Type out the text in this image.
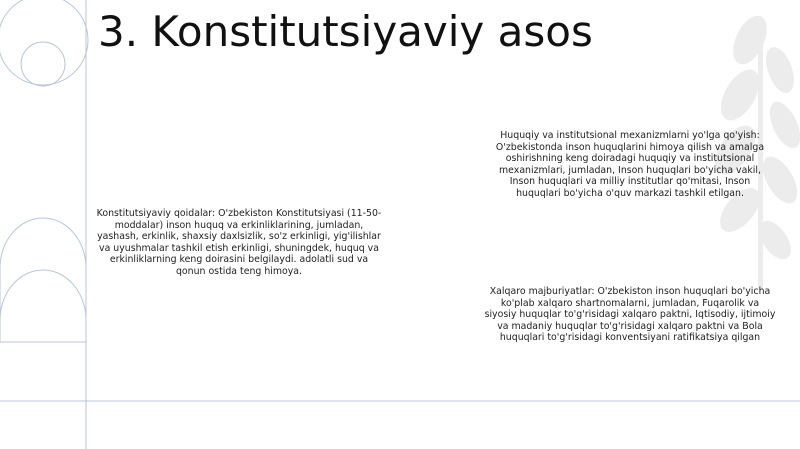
3. Konstitutsiyaviy asos

Konstitutsiyaviy qoidalar: O'zbekiston Konstitutsiyasi (11-50-moddalar) inson huquq va erkinliklarining, jumladan, yashash, erkinlik, shaxsiy daxlsizlik, so'z erkinligi, yig'ilishlar va uyushmalar tashkil etish erkinligi, shuningdek, huquq va erkinliklarning keng doirasini belgilaydi. adolatli sud va qonun ostida teng himoya.

Huquqiy va institutsional mexanizmlarni yo'lga qo'yish: O'zbekistonda inson huquqlarini himoya qilish va amalga oshirishning keng doiradagi huquqiy va institutsional mexanizmlari, jumladan, Inson huquqlari bo'yicha vakil, Inson huquqlari va milliy institutlar qo'mitasi, Inson huquqlari bo'yicha o'quv markazi tashkil etilgan.

Xalqaro majburiyatlar: O'zbekiston inson huquqlari bo'yicha ko'plab xalqaro shartnomalarni, jumladan, Fuqarolik va siyosiy huquqlar to'g'risidagi xalqaro paktni, Iqtisodiy, ijtimoiy va madaniy huquqlar to'g'risidagi xalqaro paktni va Bola huquqlari to'g'risidagi konventsiyani ratifikatsiya qilgan
